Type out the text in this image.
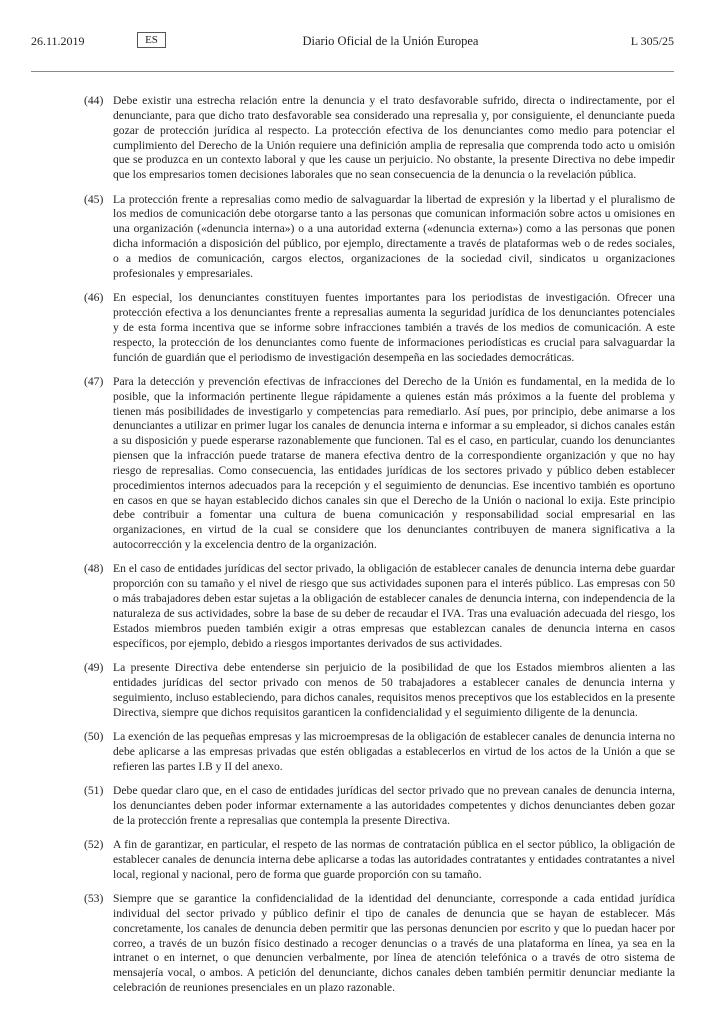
26.11.2019	ES	Diario Oficial de la Unión Europea	L 305/25
(44) Debe existir una estrecha relación entre la denuncia y el trato desfavorable sufrido, directa o indirectamente, por el denunciante, para que dicho trato desfavorable sea considerado una represalia y, por consiguiente, el denunciante pueda gozar de protección jurídica al respecto. La protección efectiva de los denunciantes como medio para potenciar el cumplimiento del Derecho de la Unión requiere una definición amplia de represalia que comprenda todo acto u omisión que se produzca en un contexto laboral y que les cause un perjuicio. No obstante, la presente Directiva no debe impedir que los empresarios tomen decisiones laborales que no sean consecuencia de la denuncia o la revelación pública.
(45) La protección frente a represalias como medio de salvaguardar la libertad de expresión y la libertad y el pluralismo de los medios de comunicación debe otorgarse tanto a las personas que comunican información sobre actos u omisiones en una organización («denuncia interna») o a una autoridad externa («denuncia externa») como a las personas que ponen dicha información a disposición del público, por ejemplo, directamente a través de plataformas web o de redes sociales, o a medios de comunicación, cargos electos, organizaciones de la sociedad civil, sindicatos u organizaciones profesionales y empresariales.
(46) En especial, los denunciantes constituyen fuentes importantes para los periodistas de investigación. Ofrecer una protección efectiva a los denunciantes frente a represalias aumenta la seguridad jurídica de los denunciantes potenciales y de esta forma incentiva que se informe sobre infracciones también a través de los medios de comunicación. A este respecto, la protección de los denunciantes como fuente de informaciones periodísticas es crucial para salvaguardar la función de guardián que el periodismo de investigación desempeña en las sociedades democráticas.
(47) Para la detección y prevención efectivas de infracciones del Derecho de la Unión es fundamental, en la medida de lo posible, que la información pertinente llegue rápidamente a quienes están más próximos a la fuente del problema y tienen más posibilidades de investigarlo y competencias para remediarlo. Así pues, por principio, debe animarse a los denunciantes a utilizar en primer lugar los canales de denuncia interna e informar a su empleador, si dichos canales están a su disposición y puede esperarse razonablemente que funcionen. Tal es el caso, en particular, cuando los denunciantes piensen que la infracción puede tratarse de manera efectiva dentro de la correspondiente organización y que no hay riesgo de represalias. Como consecuencia, las entidades jurídicas de los sectores privado y público deben establecer procedimientos internos adecuados para la recepción y el seguimiento de denuncias. Ese incentivo también es oportuno en casos en que se hayan establecido dichos canales sin que el Derecho de la Unión o nacional lo exija. Este principio debe contribuir a fomentar una cultura de buena comunicación y responsabilidad social empresarial en las organizaciones, en virtud de la cual se considere que los denunciantes contribuyen de manera significativa a la autocorrección y la excelencia dentro de la organización.
(48) En el caso de entidades jurídicas del sector privado, la obligación de establecer canales de denuncia interna debe guardar proporción con su tamaño y el nivel de riesgo que sus actividades suponen para el interés público. Las empresas con 50 o más trabajadores deben estar sujetas a la obligación de establecer canales de denuncia interna, con independencia de la naturaleza de sus actividades, sobre la base de su deber de recaudar el IVA. Tras una evaluación adecuada del riesgo, los Estados miembros pueden también exigir a otras empresas que establezcan canales de denuncia interna en casos específicos, por ejemplo, debido a riesgos importantes derivados de sus actividades.
(49) La presente Directiva debe entenderse sin perjuicio de la posibilidad de que los Estados miembros alienten a las entidades jurídicas del sector privado con menos de 50 trabajadores a establecer canales de denuncia interna y seguimiento, incluso estableciendo, para dichos canales, requisitos menos preceptivos que los establecidos en la presente Directiva, siempre que dichos requisitos garanticen la confidencialidad y el seguimiento diligente de la denuncia.
(50) La exención de las pequeñas empresas y las microempresas de la obligación de establecer canales de denuncia interna no debe aplicarse a las empresas privadas que estén obligadas a establecerlos en virtud de los actos de la Unión a que se refieren las partes I.B y II del anexo.
(51) Debe quedar claro que, en el caso de entidades jurídicas del sector privado que no prevean canales de denuncia interna, los denunciantes deben poder informar externamente a las autoridades competentes y dichos denunciantes deben gozar de la protección frente a represalias que contempla la presente Directiva.
(52) A fin de garantizar, en particular, el respeto de las normas de contratación pública en el sector público, la obligación de establecer canales de denuncia interna debe aplicarse a todas las autoridades contratantes y entidades contratantes a nivel local, regional y nacional, pero de forma que guarde proporción con su tamaño.
(53) Siempre que se garantice la confidencialidad de la identidad del denunciante, corresponde a cada entidad jurídica individual del sector privado y público definir el tipo de canales de denuncia que se hayan de establecer. Más concretamente, los canales de denuncia deben permitir que las personas denuncien por escrito y que lo puedan hacer por correo, a través de un buzón físico destinado a recoger denuncias o a través de una plataforma en línea, ya sea en la intranet o en internet, o que denuncien verbalmente, por línea de atención telefónica o a través de otro sistema de mensajería vocal, o ambos. A petición del denunciante, dichos canales deben también permitir denunciar mediante la celebración de reuniones presenciales en un plazo razonable.
